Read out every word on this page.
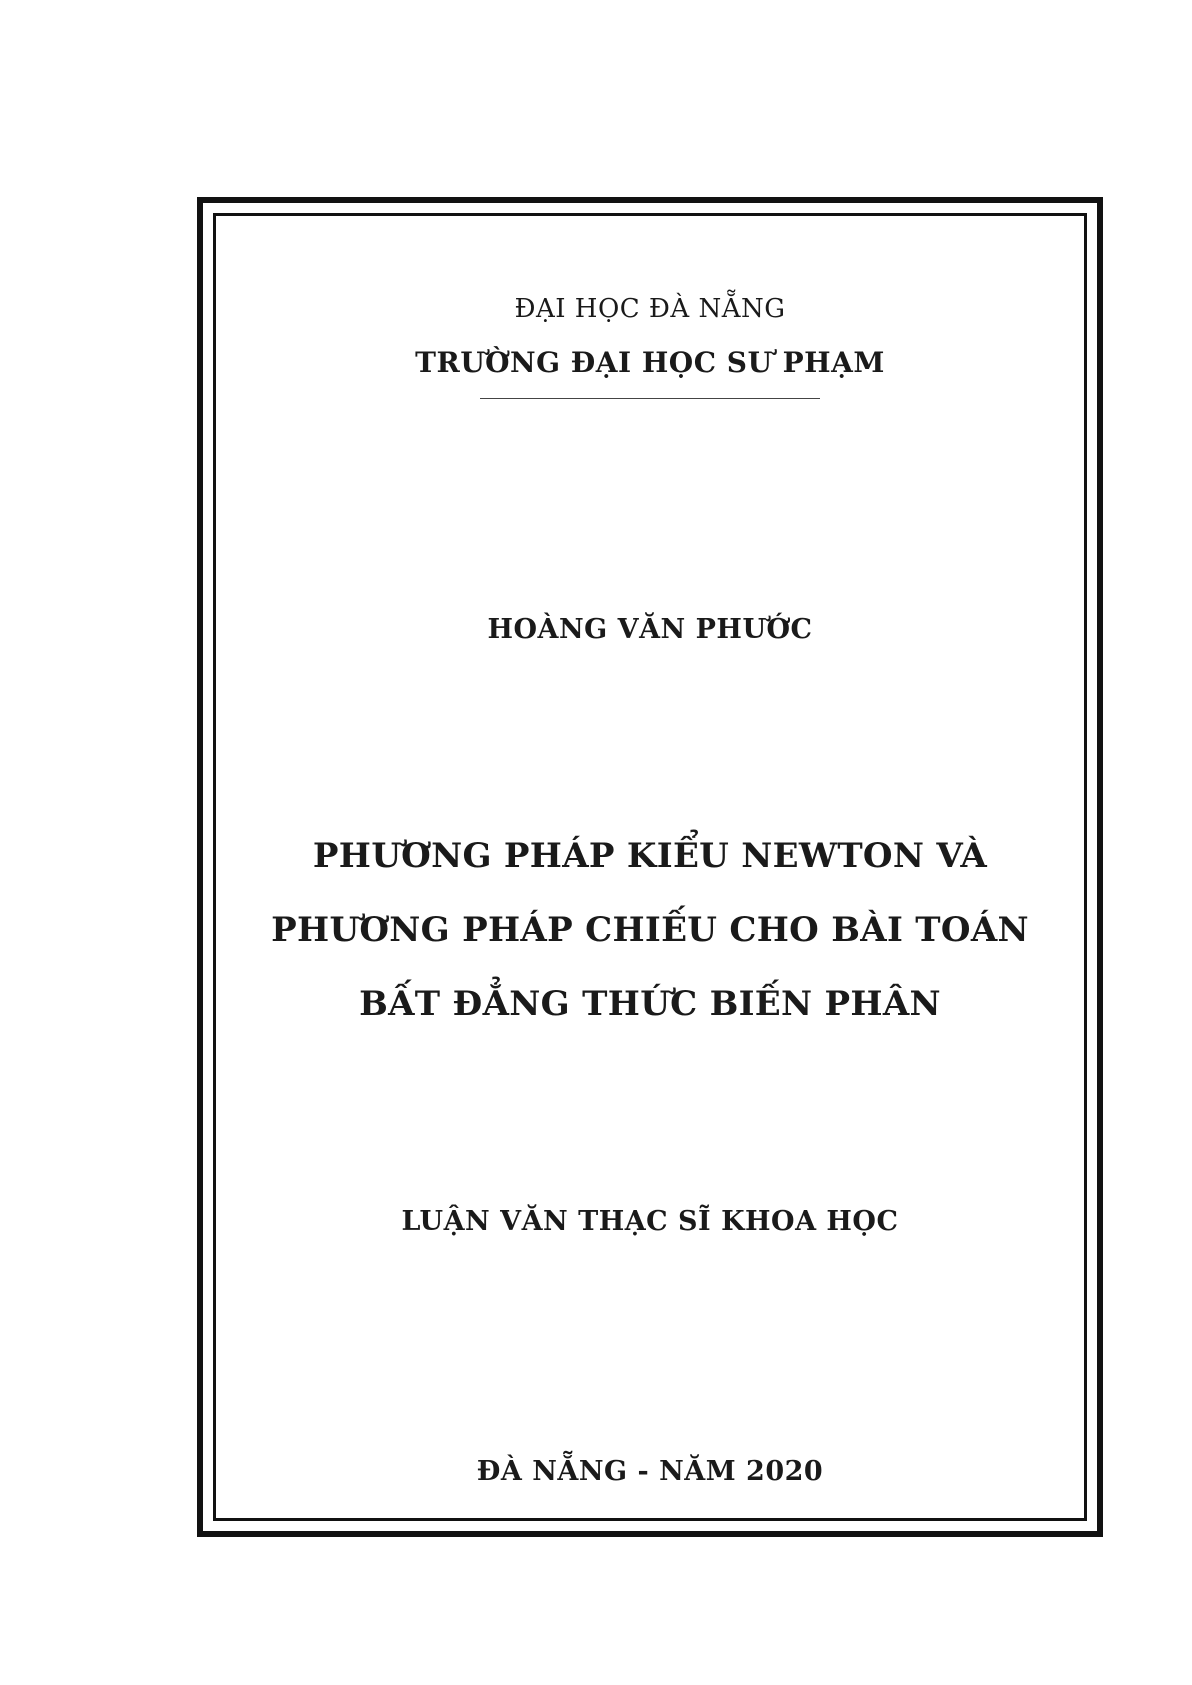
ĐẠI HỌC ĐÀ NẴNG
TRƯỜNG ĐẠI HỌC SƯ PHẠM
HOÀNG VĂN PHƯỚC
PHƯƠNG PHÁP KIỂU NEWTON VÀ
PHƯƠNG PHÁP CHIẾU CHO BÀI TOÁN
BẤT ĐẲNG THỨC BIẾN PHÂN
LUẬN VĂN THẠC SĨ KHOA HỌC
ĐÀ NẴNG - NĂM 2020
